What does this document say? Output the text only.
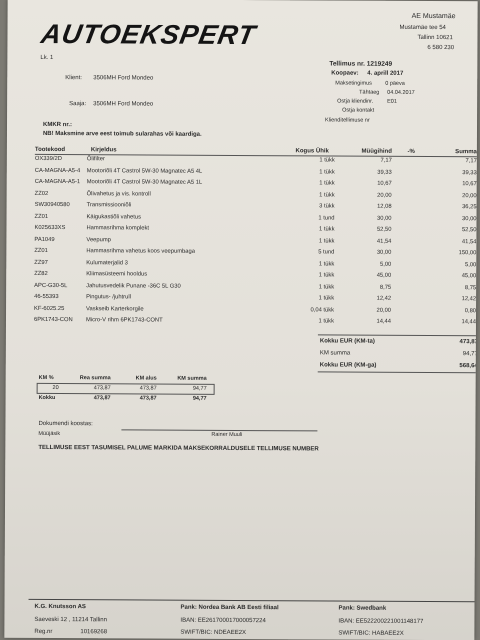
AUTOEKSPERT
AE Mustamäe
Mustamäe tee 54
Tallinn 10621
6 580 230
Lk. 1
Tellimus nr. 1219249
Koopaev: 4. aprill 2017
Maksetingimus 0 päeva
Tähtaeg 04.04.2017
Ostja kliendinr.	E01
Ostja kontakt
Klienditellimuse nr
Klient: 3506MH Ford Mondeo
Saaja: 3506MH Ford Mondeo
KMKR nr.:
NB! Maksmine arve eest toimub sularahas või kaardiga.
Tootekood	Kirjeldus	Kogus Ühik	Müügihind	-%	Summa
OX339/2D	Õlifilter	1 tükk	7,17	7,17
CA-MAGNA-A5-4 Mootoriõli 4T Castrol 5W-30 Magnatec A5 4L	1 tükk	39,33	39,33
CA-MAGNA-A5-1 Mootoriõli 4T Castrol 5W-30 Magnatec A5 1L	1 tükk	10,67	10,67
ZZ02	Õlivahetus ja vis. kontroll	1 tükk	20,00	20,00
SW30940580	Transmissiooniõli	3 tükk	12,08	36,25
ZZ01	Käigukastiõli vahetus	1 tund	30,00	30,00
K025633XS	Hammasrihma komplekt	1 tükk	52,50	52,50
PA1049	Veepump	1 tükk	41,54	41,54
ZZ01	Hammasrihma vahetus koos veepumbaga	5 tund	30,00	150,00
ZZ97	Kulumaterjalid 3	1 tükk	5,00	5,00
ZZ82	Kliimasüsteemi hooldus	1 tükk	45,00	45,00
APC-G30-5L	Jahutusvedelik Punane -36C 5L G30	1 tükk	8,75	8,75
46-55393	Pingutus- /juhtrull	1 tükk	12,42	12,42
KF-6025.25	Vaskseib Karterkorgile	0,04 tükk	20,00	0,80
6PK1743-CON Micro-V rihm 6PK1743-CONT	1 tükk	14,44	14,44
Kokku EUR (KM-ta)	473,87
KM summa	94,77
Kokku EUR (KM-ga)	568,64
KM %	Rea summa	KM alus	KM summa
20	473,87	473,87	94,77
Kokku	473,87	473,87	94,77
Dokumendi koostas:
Müüjäsik	Rainer Muuli
TELLIMUSE EEST TASUMISEL PALUME MARKIDA MAKSEKORRALDUSELE TELLIMUSE NUMBER
K.G. Knutsson AS
Saeveski 12 , 11214 Tallinn
Reg.nr	10169268
Pank: Nordea Bank AB Eesti filiaal
IBAN: EE261700017000057224
SWIFT/BIC: NDEAEE2X
Pank: Swedbank
IBAN: EE522200221001148177
SWIFT/BIC: HABAEE2X
